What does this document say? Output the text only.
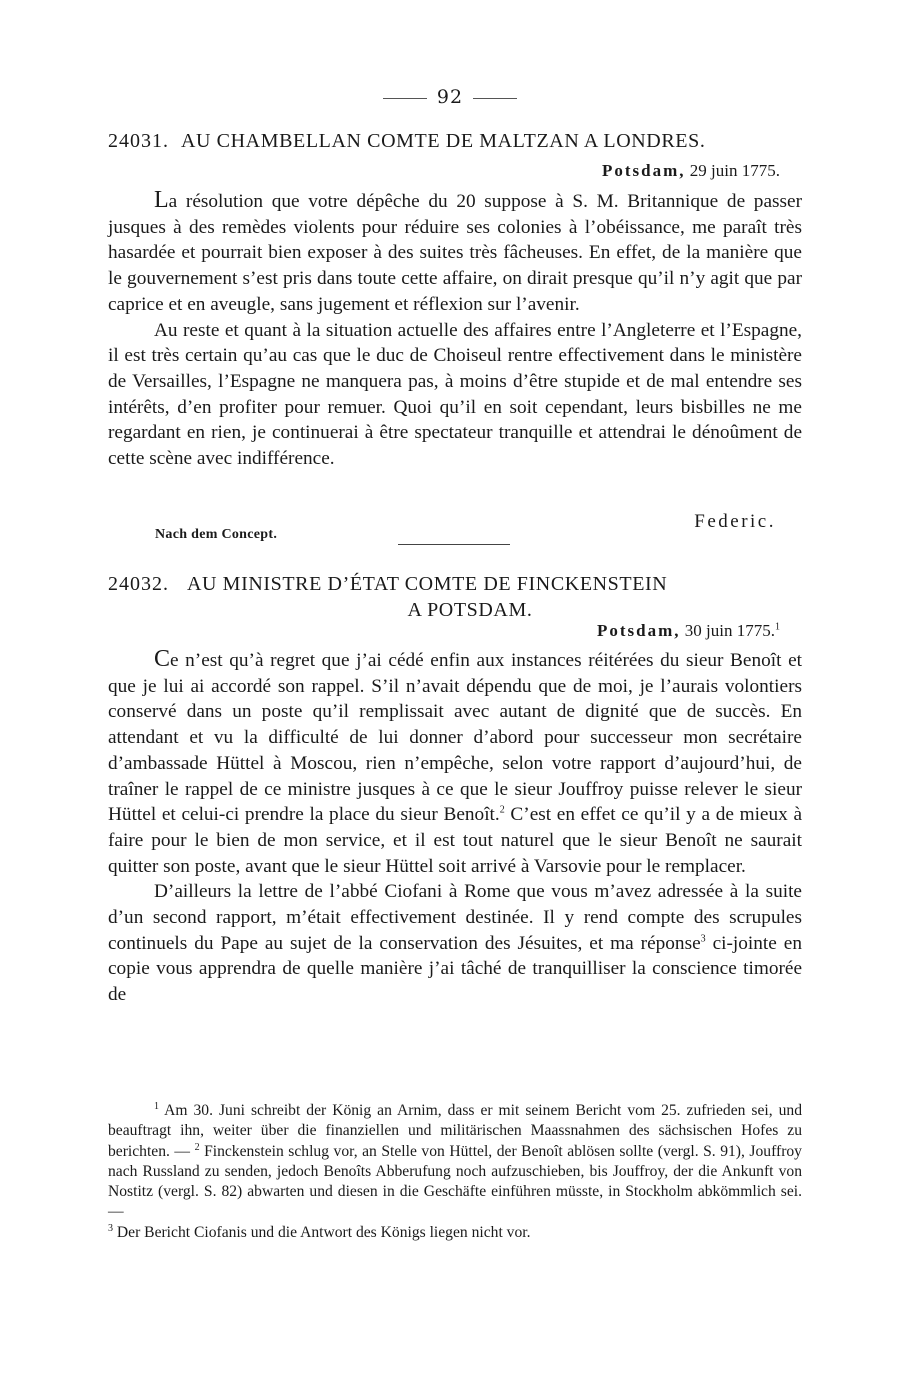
92
24031. AU CHAMBELLAN COMTE DE MALTZAN A LONDRES.
Potsdam, 29 juin 1775.

La résolution que votre dépêche du 20 suppose à S. M. Britannique de passer jusques à des remèdes violents pour réduire ses colonies à l’obéissance, me paraît très hasardée et pourrait bien exposer à des suites très fâcheuses. En effet, de la manière que le gouvernement s’est pris dans toute cette affaire, on dirait presque qu’il n’y agit que par caprice et en aveugle, sans jugement et réflexion sur l’avenir.

Au reste et quant à la situation actuelle des affaires entre l’Angleterre et l’Espagne, il est très certain qu’au cas que le duc de Choiseul rentre effectivement dans le ministère de Versailles, l’Espagne ne manquera pas, à moins d’être stupide et de mal entendre ses intérêts, d’en profiter pour remuer. Quoi qu’il en soit cependant, leurs bisbilles ne me regardant en rien, je continuerai à être spectateur tranquille et attendrai le dénoûment de cette scène avec indifférence.

Federic.
Nach dem Concept.
24032. AU MINISTRE D’ÉTAT COMTE DE FINCKENSTEIN
A POTSDAM.
Potsdam, 30 juin 1775.$^1$

Ce n’est qu’à regret que j’ai cédé enfin aux instances réitérées du sieur Benoît et que je lui ai accordé son rappel. S’il n’avait dépendu que de moi, je l’aurais volontiers conservé dans un poste qu’il remplissait avec autant de dignité que de succès. En attendant et vu la difficulté de lui donner d’abord pour successeur mon secrétaire d’ambassade Hüttel à Moscou, rien n’empêche, selon votre rapport d’aujourd’hui, de traîner le rappel de ce ministre jusques à ce que le sieur Jouffroy puisse relever le sieur Hüttel et celui-ci prendre la place du sieur Benoît.$^2$ C’est en effet ce qu’il y a de mieux à faire pour le bien de mon service, et il est tout naturel que le sieur Benoît ne saurait quitter son poste, avant que le sieur Hüttel soit arrivé à Varsovie pour le remplacer.

D’ailleurs la lettre de l’abbé Ciofani à Rome que vous m’avez adressée à la suite d’un second rapport, m’était effectivement destinée. Il y rend compte des scrupules continuels du Pape au sujet de la conservation des Jésuites, et ma réponse$^3$ ci-jointe en copie vous apprendra de quelle manière j’ai tâché de tranquilliser la conscience timorée de

$^1$ Am 30. Juni schreibt der König an Arnim, dass er mit seinem Bericht vom 25. zufrieden sei, und beauftragt ihn, weiter über die finanziellen und militärischen Maassnahmen des sächsischen Hofes zu berichten. — $^2$ Finckenstein schlug vor, an Stelle von Hüttel, der Benoît ablösen sollte (vergl. S. 91), Jouffroy nach Russland zu senden, jedoch Benoîts Abberufung noch aufzuschieben, bis Jouffroy, der die Ankunft von Nostitz (vergl. S. 82) abwarten und diesen in die Geschäfte einführen müsste, in Stockholm abkömmlich sei. —

$^3$ Der Bericht Ciofanis und die Antwort des Königs liegen nicht vor.
